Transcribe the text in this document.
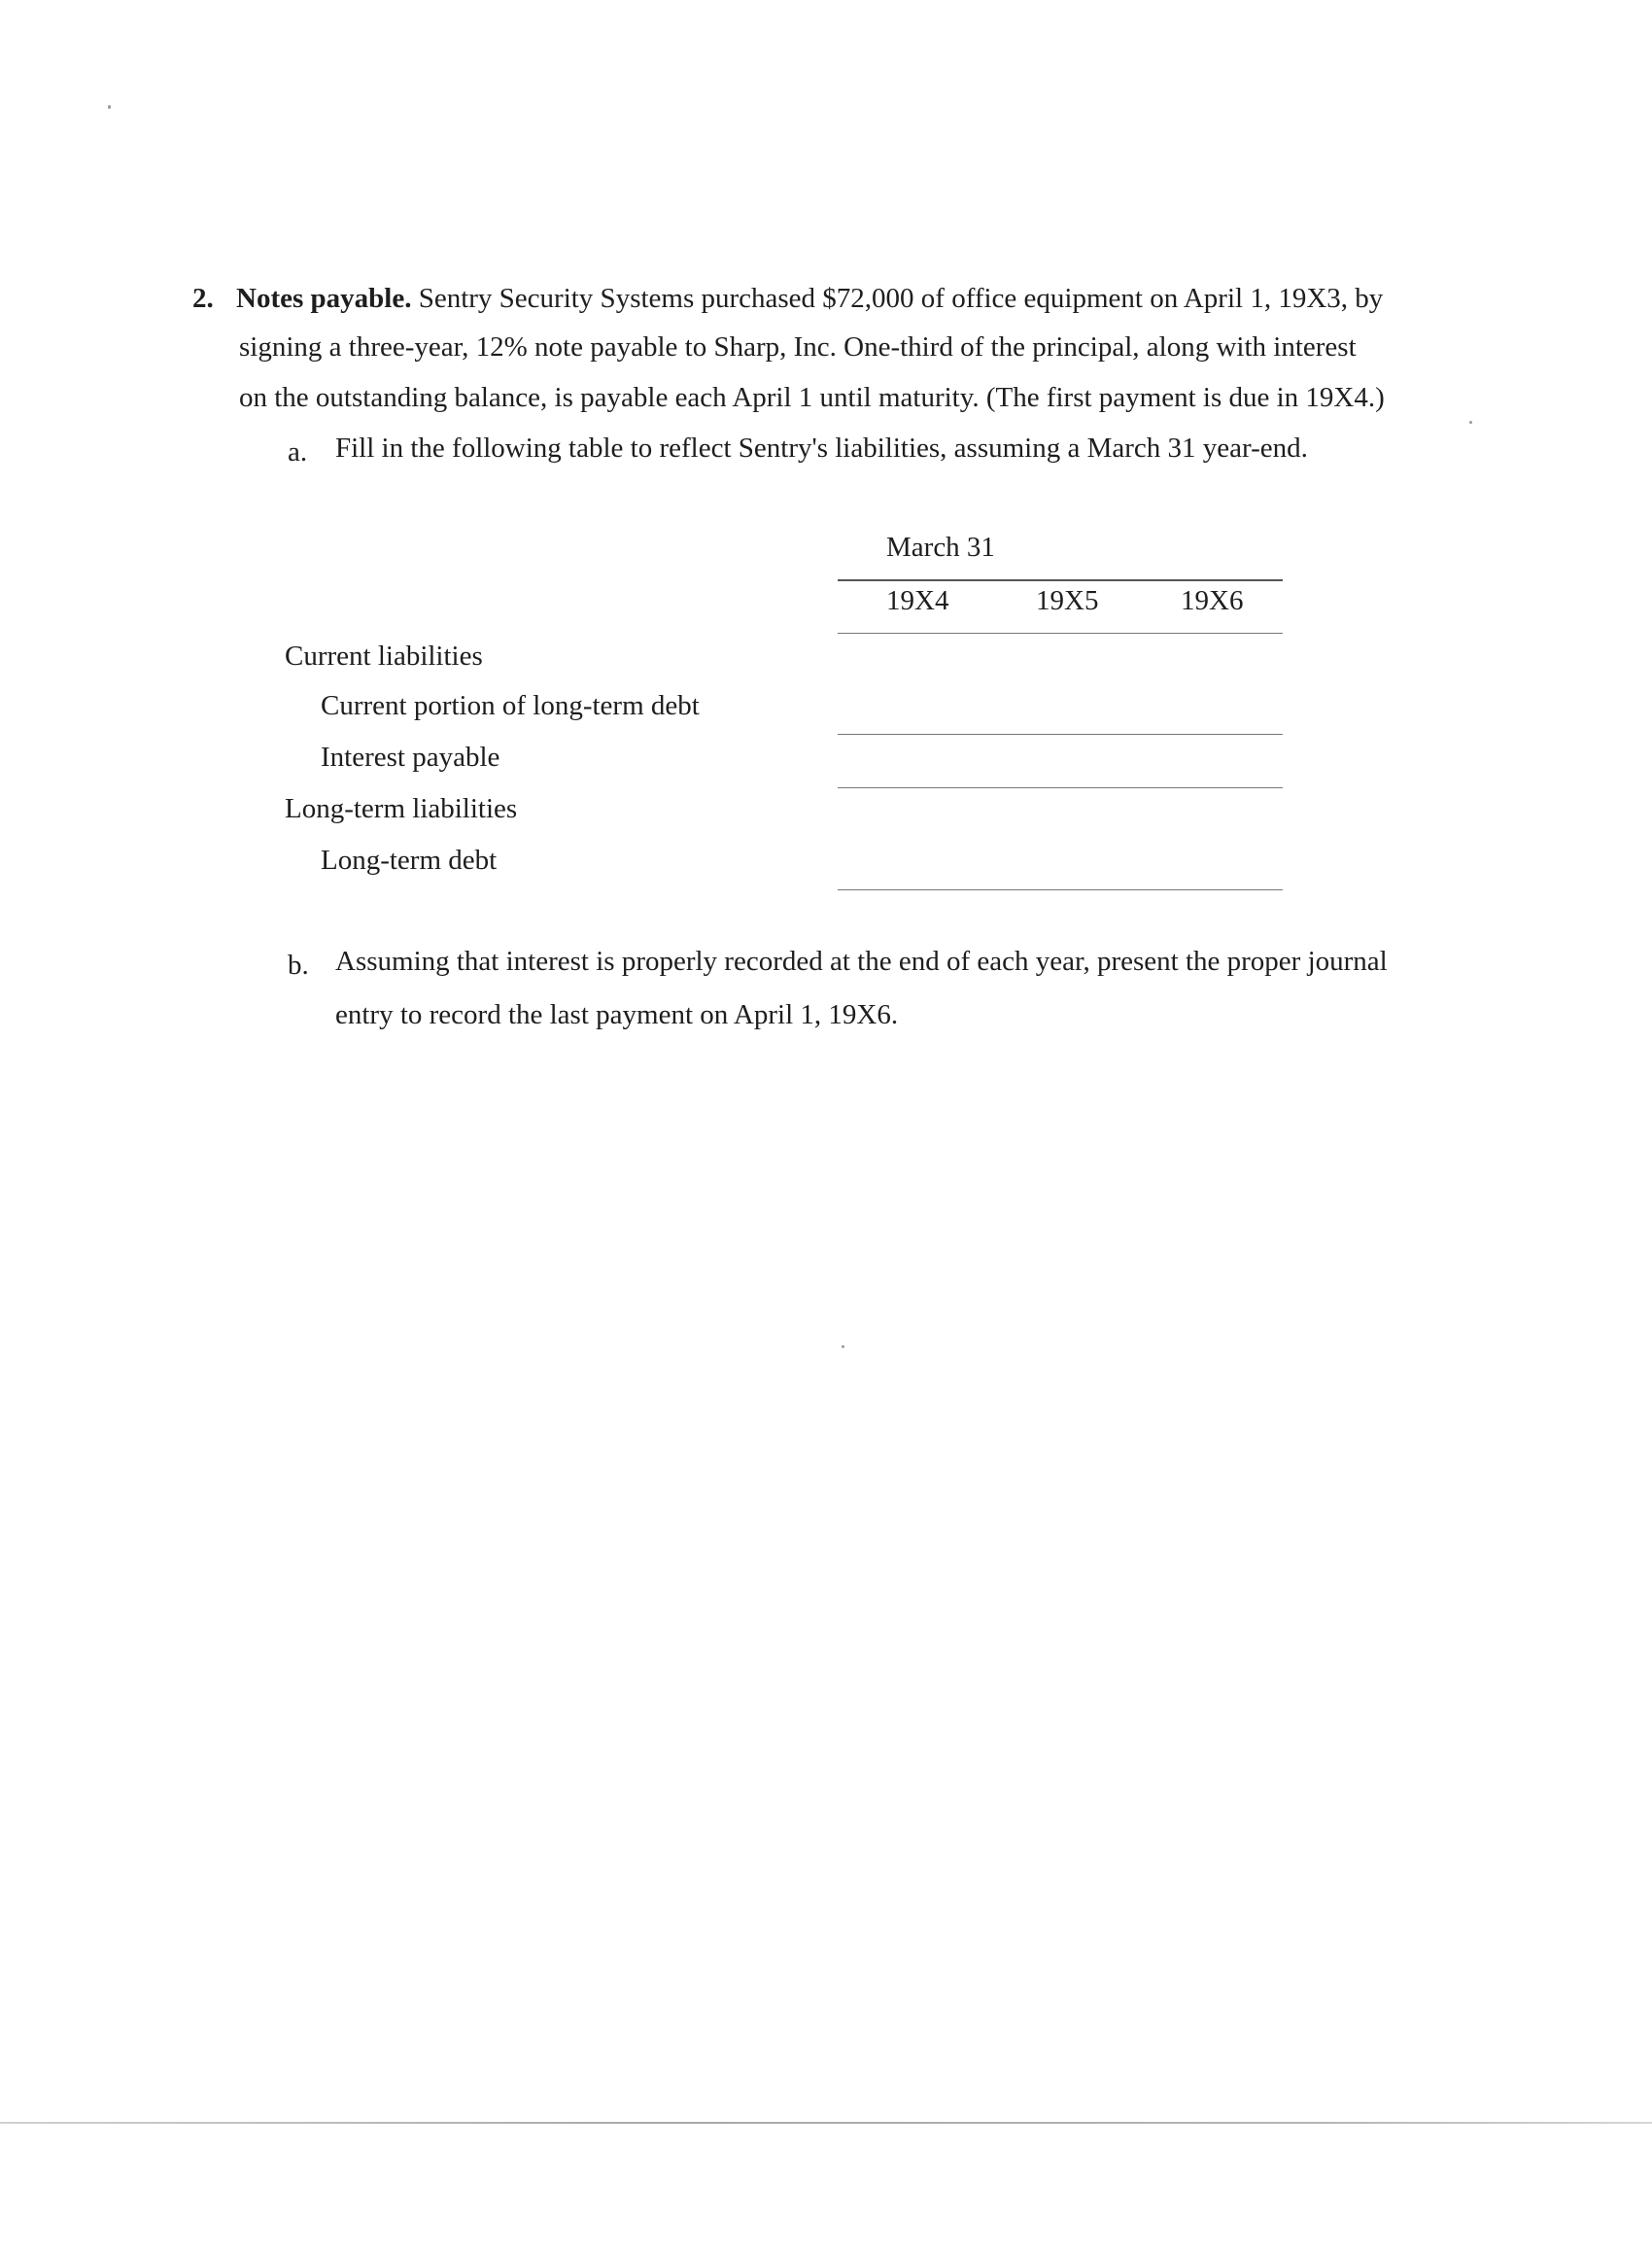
2. Notes payable. Sentry Security Systems purchased $72,000 of office equipment on April 1, 19X3, by
signing a three-year, 12% note payable to Sharp, Inc. One-third of the principal, along with interest
on the outstanding balance, is payable each April 1 until maturity. (The first payment is due in 19X4.)
a. Fill in the following table to reflect Sentry's liabilities, assuming a March 31 year-end.
March 31
19X4	19X5	19X6
Current liabilities
Current portion of long-term debt
Interest payable
Long-term liabilities
Long-term debt
b. Assuming that interest is properly recorded at the end of each year, present the proper journal
entry to record the last payment on April 1, 19X6.
